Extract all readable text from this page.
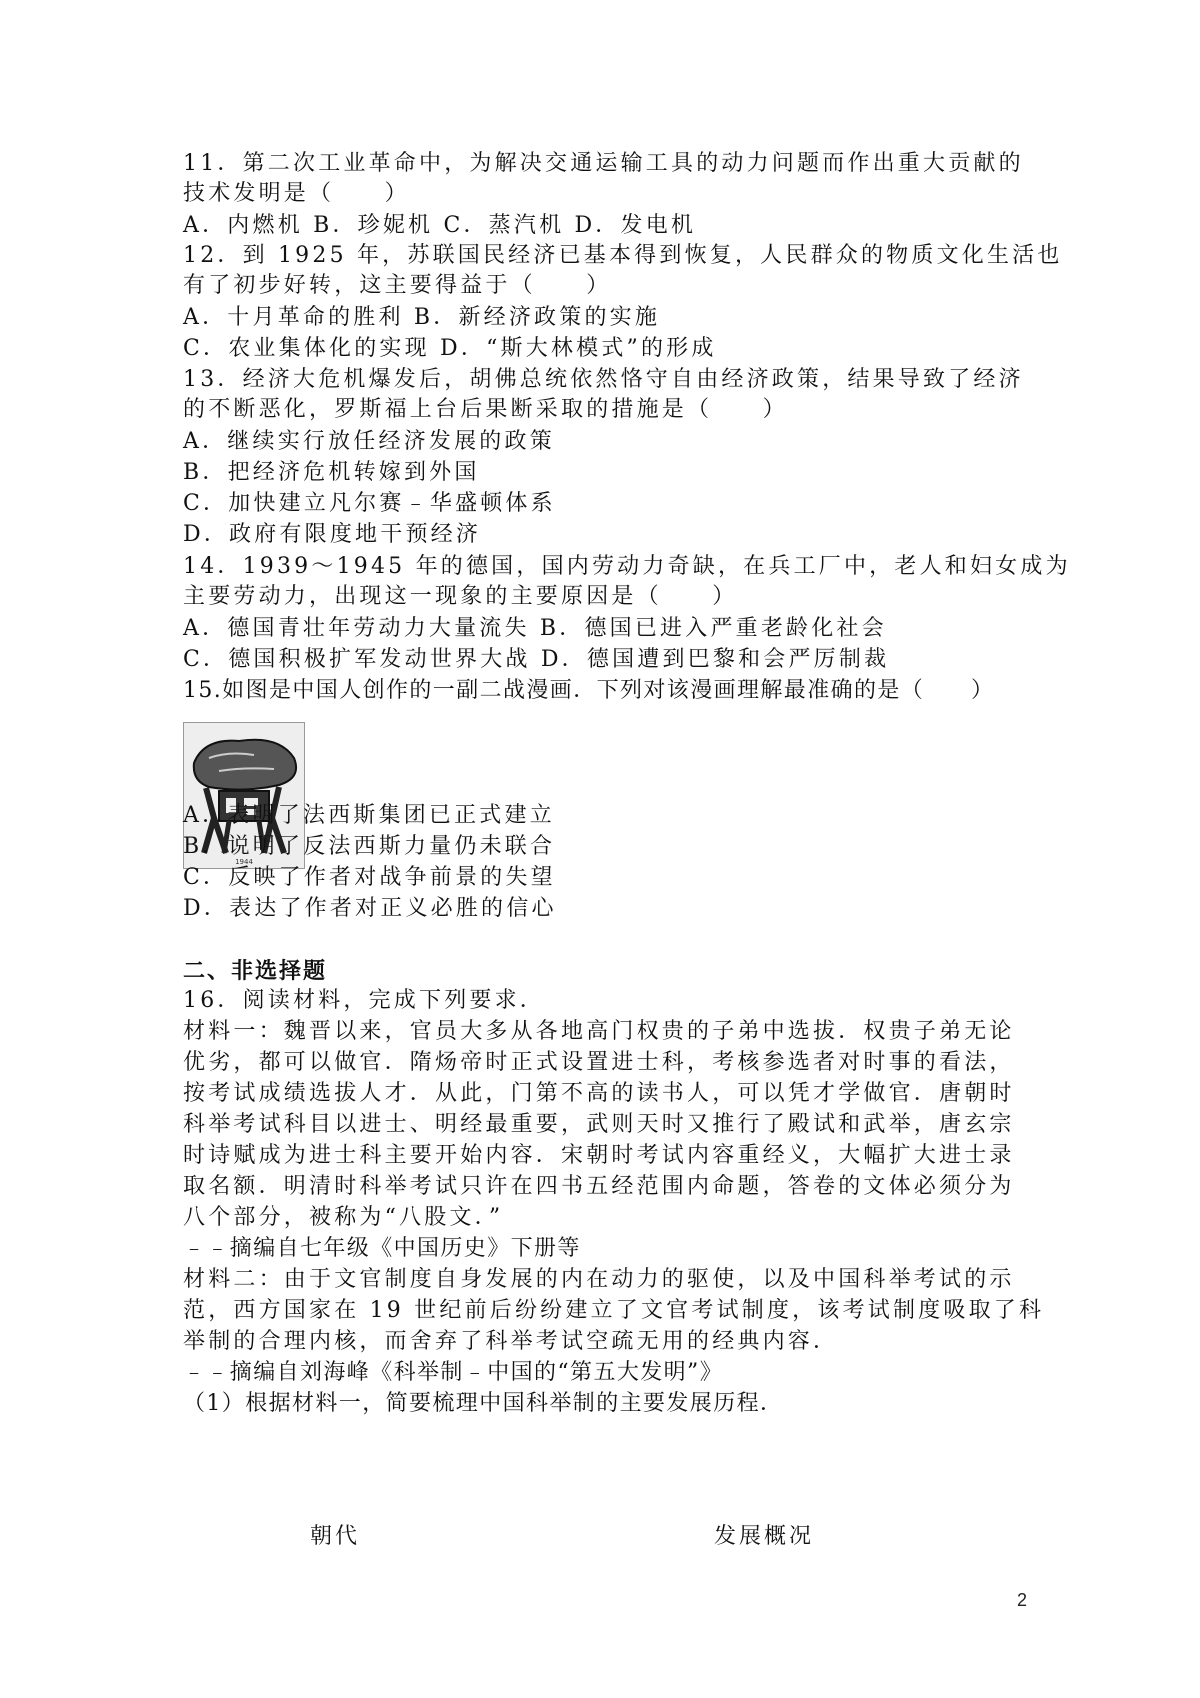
11．第二次工业革命中，为解决交通运输工具的动力问题而作出重大贡献的
技术发明是（　　）
A．内燃机 B．珍妮机 C．蒸汽机 D．发电机
12．到 1925 年，苏联国民经济已基本得到恢复，人民群众的物质文化生活也
有了初步好转，这主要得益于（　　）
A．十月革命的胜利 B．新经济政策的实施
C．农业集体化的实现 D．“斯大林模式”的形成
13．经济大危机爆发后，胡佛总统依然恪守自由经济政策，结果导致了经济
的不断恶化，罗斯福上台后果断采取的措施是（　　）
A．继续实行放任经济发展的政策
B．把经济危机转嫁到外国
C．加快建立凡尔赛﹣华盛顿体系
D．政府有限度地干预经济
14．1939～1945 年的德国，国内劳动力奇缺，在兵工厂中，老人和妇女成为
主要劳动力，出现这一现象的主要原因是（　　）
A．德国青壮年劳动力大量流失 B．德国已进入严重老龄化社会
C．德国积极扩军发动世界大战 D．德国遭到巴黎和会严厉制裁
15.如图是中国人创作的一副二战漫画．下列对该漫画理解最准确的是（　　）
1944
A．表明了法西斯集团已正式建立
B．说明了反法西斯力量仍未联合
C．反映了作者对战争前景的失望
D．表达了作者对正义必胜的信心
二、非选择题
16．阅读材料，完成下列要求．
材料一：魏晋以来，官员大多从各地高门权贵的子弟中选拔．权贵子弟无论
优劣，都可以做官．隋炀帝时正式设置进士科，考核参选者对时事的看法，
按考试成绩选拔人才．从此，门第不高的读书人，可以凭才学做官．唐朝时
科举考试科目以进士、明经最重要，武则天时又推行了殿试和武举，唐玄宗
时诗赋成为进士科主要开始内容．宋朝时考试内容重经义，大幅扩大进士录
取名额．明清时科举考试只许在四书五经范围内命题，答卷的文体必须分为
八个部分，被称为“八股文．”
﹣﹣摘编自七年级《中国历史》下册等
材料二：由于文官制度自身发展的内在动力的驱使，以及中国科举考试的示
范，西方国家在 19 世纪前后纷纷建立了文官考试制度，该考试制度吸取了科
举制的合理内核，而舍弃了科举考试空疏无用的经典内容．
﹣﹣摘编自刘海峰《科举制﹣中国的“第五大发明”》
（1）根据材料一，简要梳理中国科举制的主要发展历程．
朝代	发展概况
2
